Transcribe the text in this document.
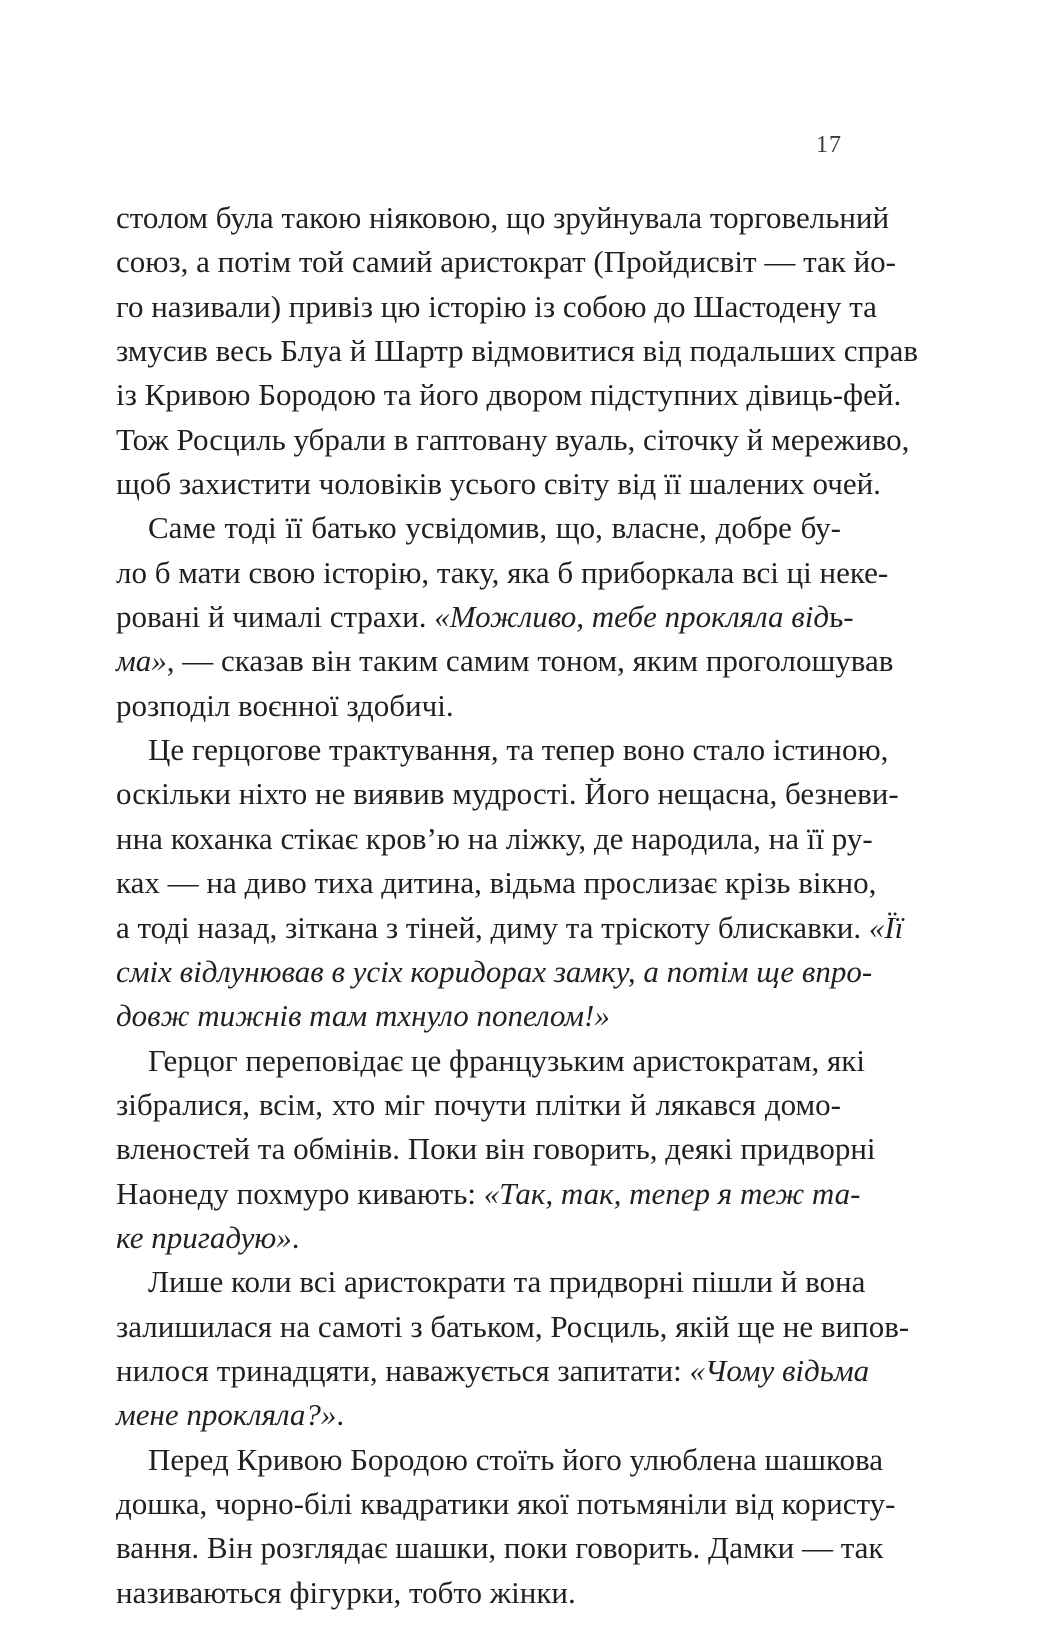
17
столом була такою ніяковою, що зруйнувала торговельний
союз, а потім той самий аристократ (Пройдисвіт — так йо-
го називали) привіз цю історію із собою до Шастодену та
змусив весь Блуа й Шартр відмовитися від подальших справ
із Кривою Бородою та його двором підступних дівиць-фей.
Тож Росциль убрали в гаптовану вуаль, сіточку й мереживо,
щоб захистити чоловіків усього світу від її шалених очей.
Саме тоді її батько усвідомив, що, власне, добре бу-
ло б мати свою історію, таку, яка б приборкала всі ці неке-
ровані й чималі страхи. «Можливо, тебе прокляла відь-
ма», — сказав він таким самим тоном, яким проголошував
розподіл воєнної здобичі.
Це герцогове трактування, та тепер воно стало істиною,
оскільки ніхто не виявив мудрості. Його нещасна, безневи-
нна коханка стікає кров’ю на ліжку, де народила, на її ру-
ках — на диво тиха дитина, відьма прослизає крізь вікно,
а тоді назад, зіткана з тіней, диму та тріскоту блискавки. «Її
сміх відлунював в усіх коридорах замку, а потім ще впро-
довж тижнів там тхнуло попелом!»
Герцог переповідає це французьким аристократам, які
зібралися, всім, хто міг почути плітки й лякався домо-
вленостей та обмінів. Поки він говорить, деякі придворні
Наонеду похмуро кивають: «Так, так, тепер я теж та-
ке пригадую».
Лише коли всі аристократи та придворні пішли й вона
залишилася на самоті з батьком, Росциль, якій ще не випов-
нилося тринадцяти, наважується запитати: «Чому відьма
мене прокляла?».
Перед Кривою Бородою стоїть його улюблена шашкова
дошка, чорно-білі квадратики якої потьмяніли від користу-
вання. Він розглядає шашки, поки говорить. Дамки — так
називаються фігурки, тобто жінки.
